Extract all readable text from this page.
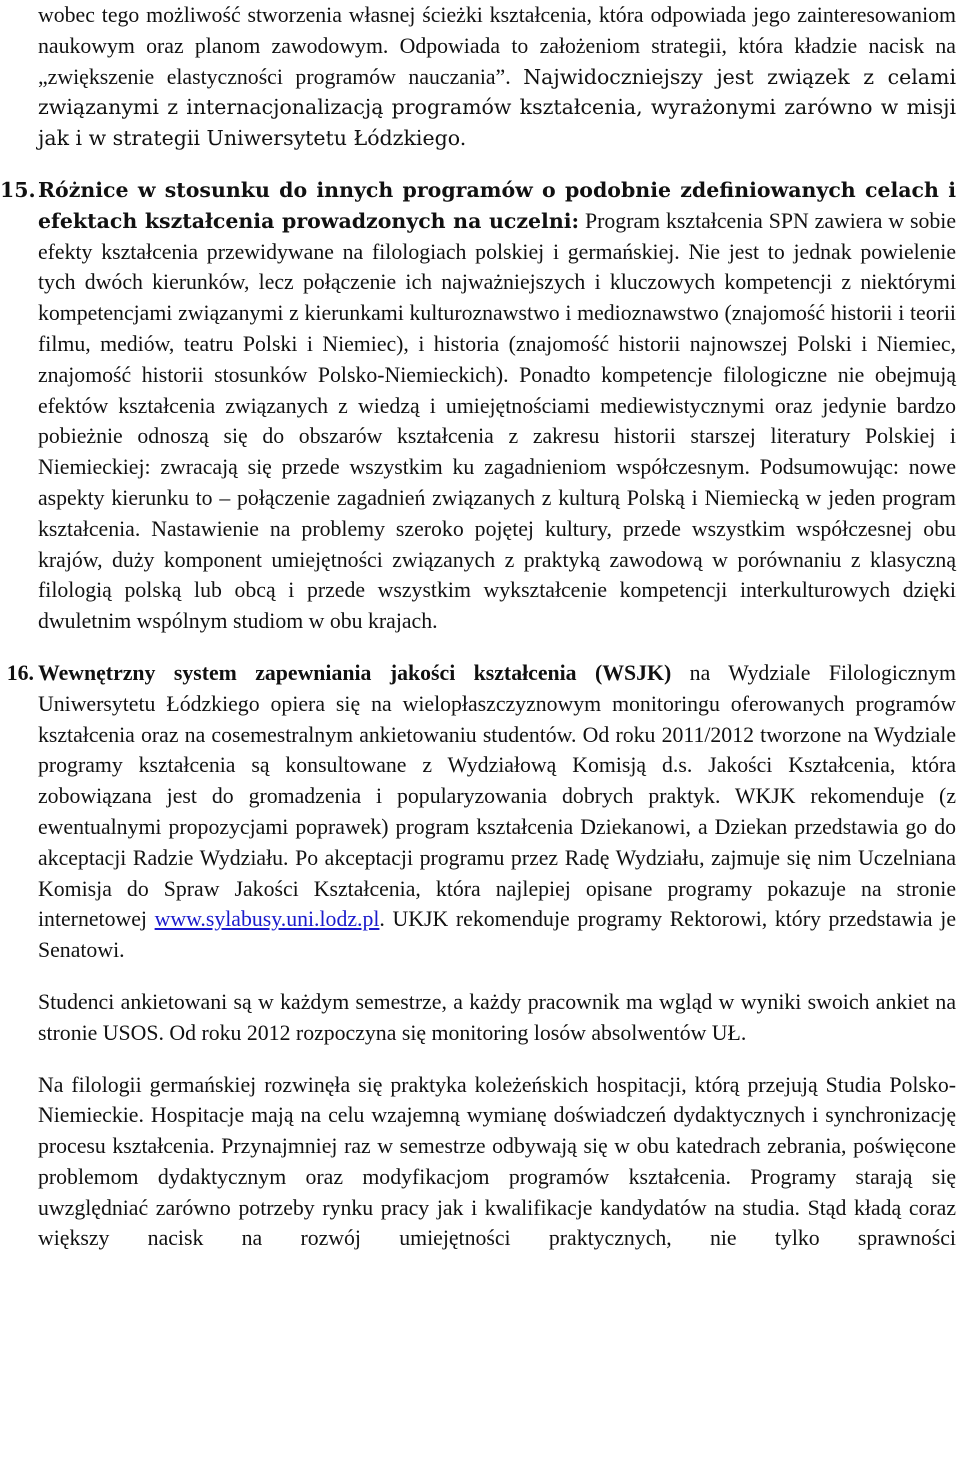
wobec tego możliwość stworzenia własnej ścieżki kształcenia, która odpowiada jego zainteresowaniom naukowym oraz planom zawodowym. Odpowiada to założeniom strategii, która kładzie nacisk na „zwiększenie elastyczności programów nauczania”. Najwidoczniejszy jest związek z celami związanymi z internacjonalizacją programów kształcenia, wyrażonymi zarówno w misji jak i w strategii Uniwersytetu Łódzkiego.

15. Różnice w stosunku do innych programów o podobnie zdefiniowanych celach i efektach kształcenia prowadzonych na uczelni: Program kształcenia SPN zawiera w sobie efekty kształcenia przewidywane na filologiach polskiej i germańskiej. Nie jest to jednak powielenie tych dwóch kierunków, lecz połączenie ich najważniejszych i kluczowych kompetencji z niektórymi kompetencjami związanymi z kierunkami kulturoznawstwo i medioznawstwo (znajomość historii i teorii filmu, mediów, teatru Polski i Niemiec), i historia (znajomość historii najnowszej Polski i Niemiec, znajomość historii stosunków Polsko-Niemieckich). Ponadto kompetencje filologiczne nie obejmują efektów kształcenia związanych z wiedzą i umiejętnościami mediewistycznymi oraz jedynie bardzo pobieżnie odnoszą się do obszarów kształcenia z zakresu historii starszej literatury Polskiej i Niemieckiej: zwracają się przede wszystkim ku zagadnieniom współczesnym. Podsumowując: nowe aspekty kierunku to – połączenie zagadnień związanych z kulturą Polską i Niemiecką w jeden program kształcenia. Nastawienie na problemy szeroko pojętej kultury, przede wszystkim współczesnej obu krajów, duży komponent umiejętności związanych z praktyką zawodową w porównaniu z klasyczną filologią polską lub obcą i przede wszystkim wykształcenie kompetencji interkulturowych dzięki dwuletnim wspólnym studiom w obu krajach.

16. Wewnętrzny system zapewniania jakości kształcenia (WSJK) na Wydziale Filologicznym Uniwersytetu Łódzkiego opiera się na wielopłaszczyznowym monitoringu oferowanych programów kształcenia oraz na cosemestralnym ankietowaniu studentów. Od roku 2011/2012 tworzone na Wydziale programy kształcenia są konsultowane z Wydziałową Komisją d.s. Jakości Kształcenia, która zobowiązana jest do gromadzenia i popularyzowania dobrych praktyk. WKJK rekomenduje (z ewentualnymi propozycjami poprawek) program kształcenia Dziekanowi, a Dziekan przedstawia go do akceptacji Radzie Wydziału. Po akceptacji programu przez Radę Wydziału, zajmuje się nim Uczelniana Komisja do Spraw Jakości Kształcenia, która najlepiej opisane programy pokazuje na stronie internetowej www.sylabusy.uni.lodz.pl. UKJK rekomenduje programy Rektorowi, który przedstawia je Senatowi.

Studenci ankietowani są w każdym semestrze, a każdy pracownik ma wgląd w wyniki swoich ankiet na stronie USOS. Od roku 2012 rozpoczyna się monitoring losów absolwentów UŁ.

Na filologii germańskiej rozwinęła się praktyka koleżeńskich hospitacji, którą przejują Studia Polsko-Niemieckie. Hospitacje mają na celu wzajemną wymianę doświadczeń dydaktycznych i synchronizację procesu kształcenia. Przynajmniej raz w semestrze odbywają się w obu katedrach zebrania, poświęcone problemom dydaktycznym oraz modyfikacjom programów kształcenia. Programy starają się uwzględniać zarówno potrzeby rynku pracy jak i kwalifikacje kandydatów na studia. Stąd kładą coraz większy nacisk na rozwój umiejętności praktycznych, nie tylko sprawności
